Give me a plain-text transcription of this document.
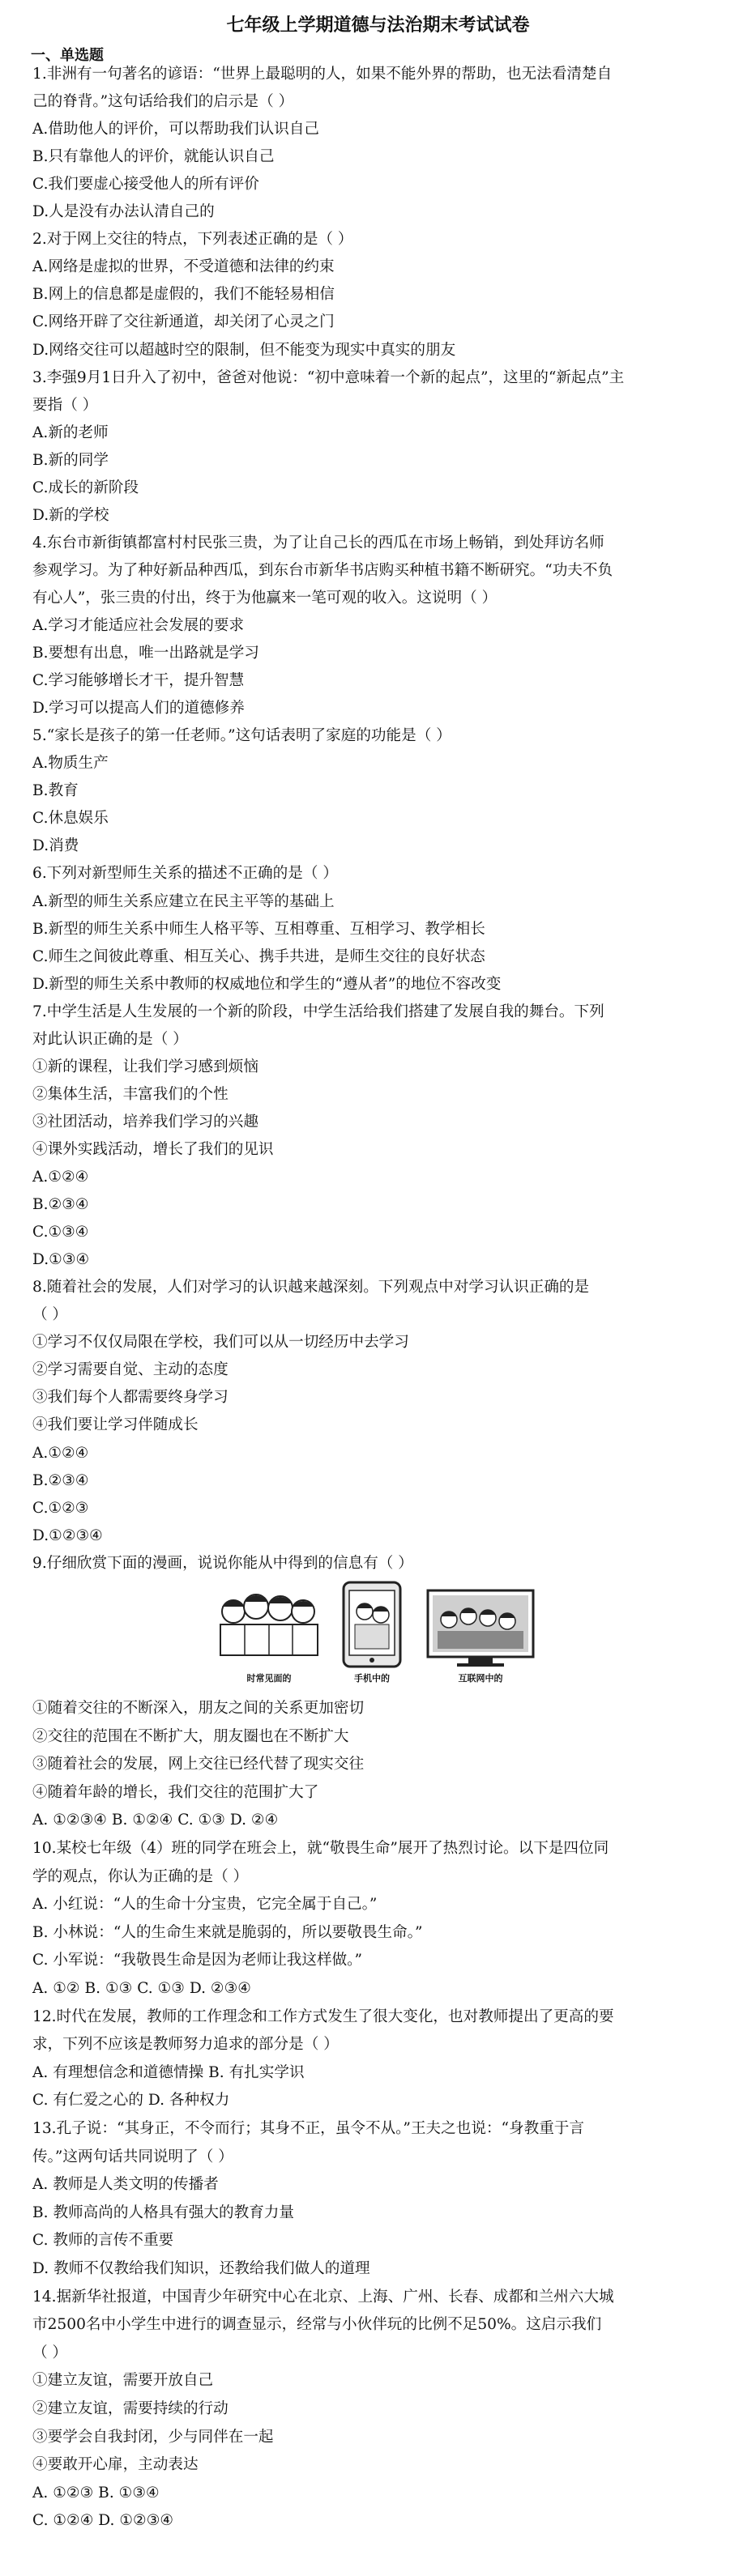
七年级上学期道德与法治期末考试试卷
一、单选题
1.非洲有一句著名的谚语：“世界上最聪明的人，如果不能外界的帮助，也无法看清楚自
己的脊背。”这句话给我们的启示是（ ）
A.借助他人的评价，可以帮助我们认识自己
B.只有靠他人的评价，就能认识自己
C.我们要虚心接受他人的所有评价
D.人是没有办法认清自己的
2.对于网上交往的特点，下列表述正确的是（ ）
A.网络是虚拟的世界，不受道德和法律的约束
B.网上的信息都是虚假的，我们不能轻易相信
C.网络开辟了交往新通道，却关闭了心灵之门
D.网络交往可以超越时空的限制，但不能变为现实中真实的朋友
3.李强9月1日升入了初中，爸爸对他说：“初中意味着一个新的起点”，这里的“新起点”主
要指（ ）
A.新的老师
B.新的同学
C.成长的新阶段
D.新的学校
4.东台市新街镇都富村村民张三贵，为了让自己长的西瓜在市场上畅销，到处拜访名师
参观学习。为了种好新品种西瓜，到东台市新华书店购买种植书籍不断研究。“功夫不负
有心人”，张三贵的付出，终于为他赢来一笔可观的收入。这说明（ ）
A.学习才能适应社会发展的要求
B.要想有出息，唯一出路就是学习
C.学习能够增长才干，提升智慧
D.学习可以提高人们的道德修养
5.“家长是孩子的第一任老师。”这句话表明了家庭的功能是（ ）
A.物质生产
B.教育
C.休息娱乐
D.消费
6.下列对新型师生关系的描述不正确的是（ ）
A.新型的师生关系应建立在民主平等的基础上
B.新型的师生关系中师生人格平等、互相尊重、互相学习、教学相长
C.师生之间彼此尊重、相互关心、携手共进，是师生交往的良好状态
D.新型的师生关系中教师的权威地位和学生的“遵从者”的地位不容改变
7.中学生活是人生发展的一个新的阶段，中学生活给我们搭建了发展自我的舞台。下列
对此认识正确的是（ ）
①新的课程，让我们学习感到烦恼
②集体生活，丰富我们的个性
③社团活动，培养我们学习的兴趣
④课外实践活动，增长了我们的见识
A.①②④
B.②③④
C.①③④
D.①③④
8.随着社会的发展，人们对学习的认识越来越深刻。下列观点中对学习认识正确的是
（ ）
①学习不仅仅局限在学校，我们可以从一切经历中去学习
②学习需要自觉、主动的态度
③我们每个人都需要终身学习
④我们要让学习伴随成长
A.①②④
B.②③④
C.①②③
D.①②③④
9.仔细欣赏下面的漫画，说说你能从中得到的信息有（ ）
时常见面的	手机中的	互联网中的
①随着交往的不断深入，朋友之间的关系更加密切
②交往的范围在不断扩大，朋友圈也在不断扩大
③随着社会的发展，网上交往已经代替了现实交往
④随着年龄的增长，我们交往的范围扩大了
A. ①②③④ B. ①②④ C. ①③ D. ②④
10.某校七年级（4）班的同学在班会上，就“敬畏生命”展开了热烈讨论。以下是四位同
学的观点，你认为正确的是（ ）
A. 小红说：“人的生命十分宝贵，它完全属于自己。”
B. 小林说：“人的生命生来就是脆弱的，所以要敬畏生命。”
C. 小军说：“我敬畏生命是因为老师让我这样做。”
A. ①② B. ①③ C. ①③ D. ②③④
12.时代在发展，教师的工作理念和工作方式发生了很大变化，也对教师提出了更高的要
求，下列不应该是教师努力追求的部分是（ ）
A. 有理想信念和道德情操 B. 有扎实学识
C. 有仁爱之心的 D. 各种权力
13.孔子说：“其身正，不令而行；其身不正，虽令不从。”王夫之也说：“身教重于言
传。”这两句话共同说明了（ ）
A. 教师是人类文明的传播者
B. 教师高尚的人格具有强大的教育力量
C. 教师的言传不重要
D. 教师不仅教给我们知识，还教给我们做人的道理
14.据新华社报道，中国青少年研究中心在北京、上海、广州、长春、成都和兰州六大城
市2500名中小学生中进行的调查显示，经常与小伙伴玩的比例不足50%。这启示我们
（ ）
①建立友谊，需要开放自己
②建立友谊，需要持续的行动
③要学会自我封闭，少与同伴在一起
④要敢开心扉，主动表达
A. ①②③ B. ①③④
C. ①②④ D. ①②③④
